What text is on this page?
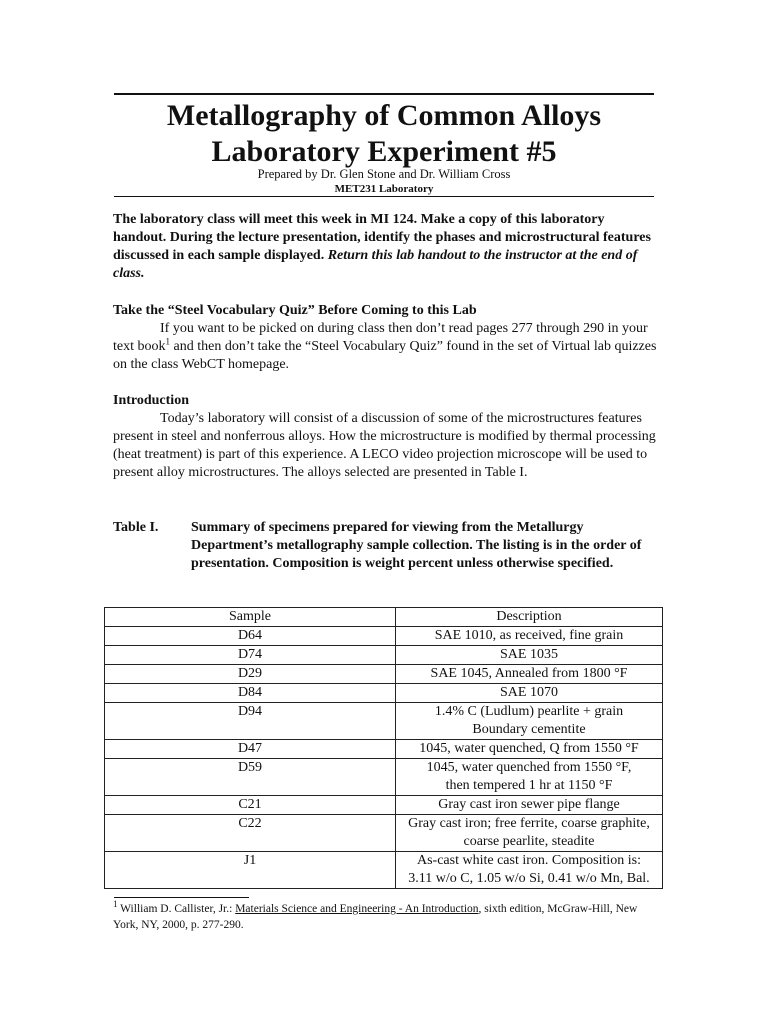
Metallography of Common Alloys
Laboratory Experiment #5
Prepared by Dr. Glen Stone and Dr. William Cross
MET231 Laboratory
The laboratory class will meet this week in MI 124. Make a copy of this laboratory handout. During the lecture presentation, identify the phases and microstructural features discussed in each sample displayed. Return this lab handout to the instructor at the end of class.
Take the “Steel Vocabulary Quiz” Before Coming to this Lab
If you want to be picked on during class then don’t read pages 277 through 290 in your text book$^1$ and then don’t take the “Steel Vocabulary Quiz” found in the set of Virtual lab quizzes on the class WebCT homepage.
Introduction
Today’s laboratory will consist of a discussion of some of the microstructures features present in steel and nonferrous alloys. How the microstructure is modified by thermal processing (heat treatment) is part of this experience. A LECO video projection microscope will be used to present alloy microstructures. The alloys selected are presented in Table I.
Table I. Summary of specimens prepared for viewing from the Metallurgy Department’s metallography sample collection. The listing is in the order of presentation. Composition is weight percent unless otherwise specified.
Sample	Description
D64	SAE 1010, as received, fine grain

D74	SAE 1035

D29	SAE 1045, Annealed from 1800 °F

D84	SAE 1070

D94	1.4% C (Ludlum) pearlite + grain
Boundary cementite

D47	1045, water quenched, Q from 1550 °F

D59	1045, water quenched from 1550 °F,
then tempered 1 hr at 1150 °F

C21	Gray cast iron sewer pipe flange

C22	Gray cast iron; free ferrite, coarse graphite,
coarse pearlite, steadite

J1	As-cast white cast iron. Composition is:
3.11 w/o C, 1.05 w/o Si, 0.41 w/o Mn, Bal.
$^1$ William D. Callister, Jr.: Materials Science and Engineering - An Introduction, sixth edition, McGraw-Hill, New York, NY, 2000, p. 277-290.
